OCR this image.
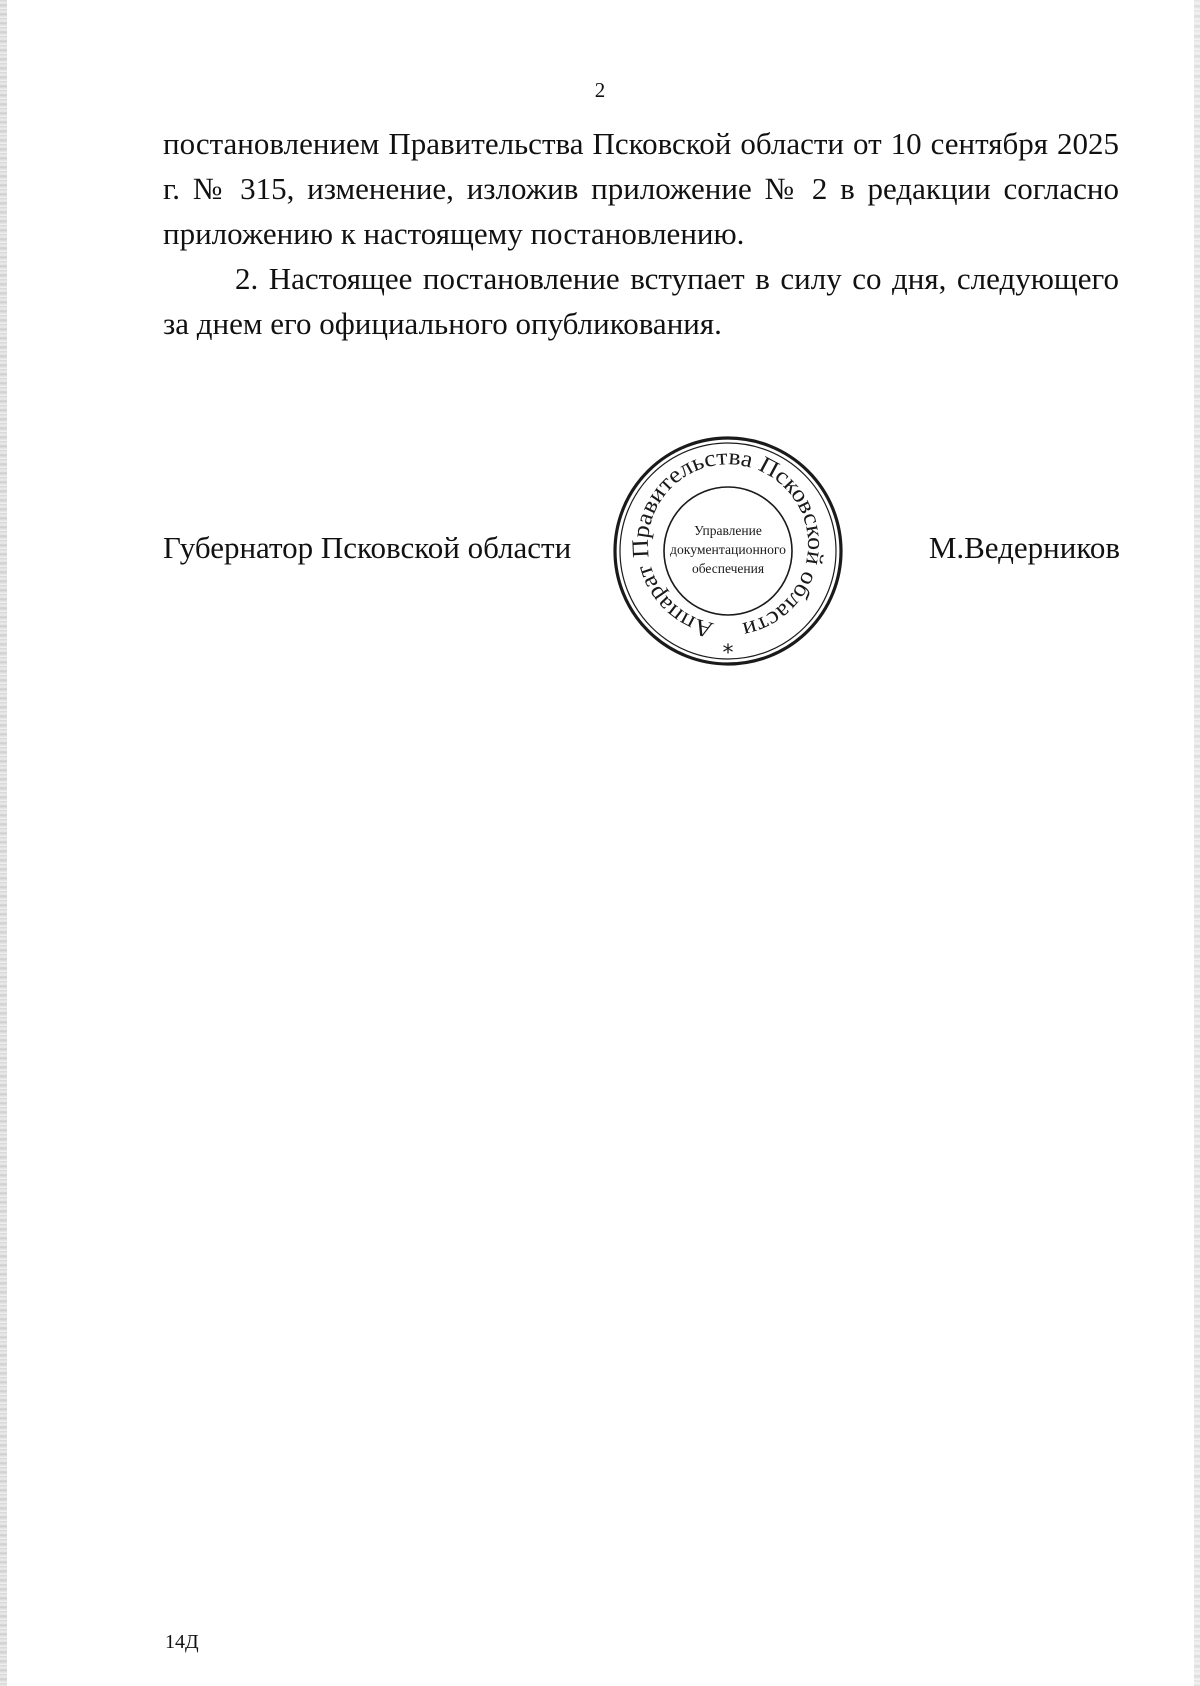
2

постановлением Правительства Псковской области от 10 сентября 2025 г. № 315, изменение, изложив приложение № 2 в редакции согласно приложению к настоящему постановлению.

2. Настоящее постановление вступает в силу со дня, следующего за днем его официального опубликования.

Губернатор Псковской области
Аппарат Правительства Псковской области
Управление
документационного
обеспечения
*
М.Ведерников
14Д
